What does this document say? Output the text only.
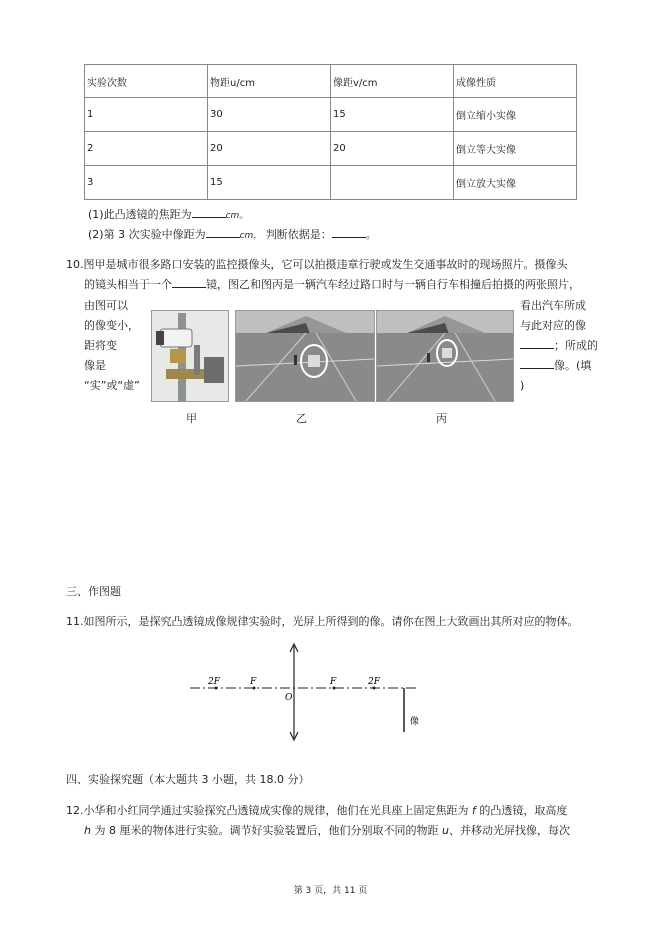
实验次数	物距u/cm	像距v/cm	成像性质
1	30	15	倒立缩小实像
2	20	20	倒立等大实像
3	15		倒立放大实像
(1)此凸透镜的焦距为	cm。
(2)第 3 次实验中像距为	cm， 判断依据是：	。
10.图甲是城市很多路口安装的监控摄像头，它可以拍摄违章行驶或发生交通事故时的现场照片。摄像头
的镜头相当于一个	镜，图乙和图丙是一辆汽车经过路口时与一辆自行车相撞后拍摄的两张照片，
由图可以
的像变小，
距将变
像是
“实”或“虚”
看出汽车所成
与此对应的像
；所成的
像。(填
)
甲	乙	丙
三、作图题
11.如图所示，是探究凸透镜成像规律实验时，光屏上所得到的像。请你在图上大致画出其所对应的物体。
2F	F
O
F	2F
像
四、实验探究题（本大题共 3 小题，共 18.0 分）
12.小华和小红同学通过实验探究凸透镜成实像的规律，他们在光具座上固定焦距为 f 的凸透镜，取高度
h 为 8 厘米的物体进行实验。调节好实验装置后，他们分别取不同的物距 u、并移动光屏找像，每次
第 3 页，共 11 页
